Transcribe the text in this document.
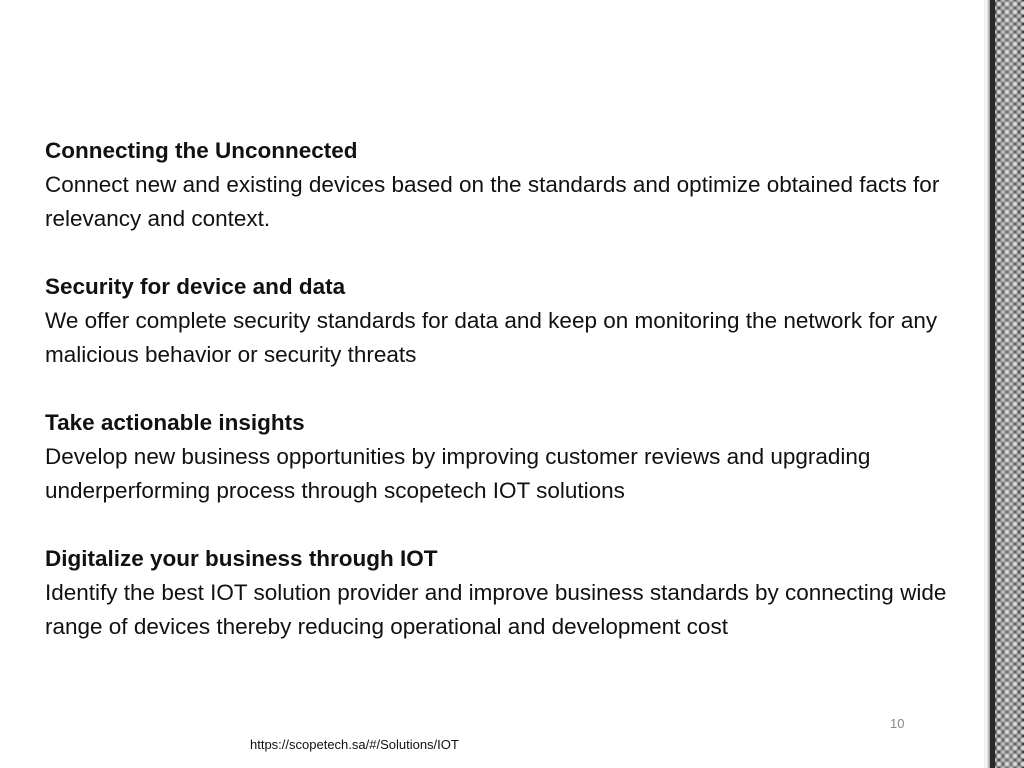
Connecting the Unconnected
Connect new and existing devices based on the standards and optimize obtained facts for relevancy and context.
Security for device and data
We offer complete security standards for data and keep on monitoring the network for any malicious behavior or security threats
Take actionable insights
Develop new business opportunities by improving customer reviews and upgrading underperforming process through scopetech IOT solutions
Digitalize your business through IOT
Identify the best IOT solution provider and improve business standards by connecting wide range of devices thereby reducing operational and development cost
10
https://scopetech.sa/#/Solutions/IOT
